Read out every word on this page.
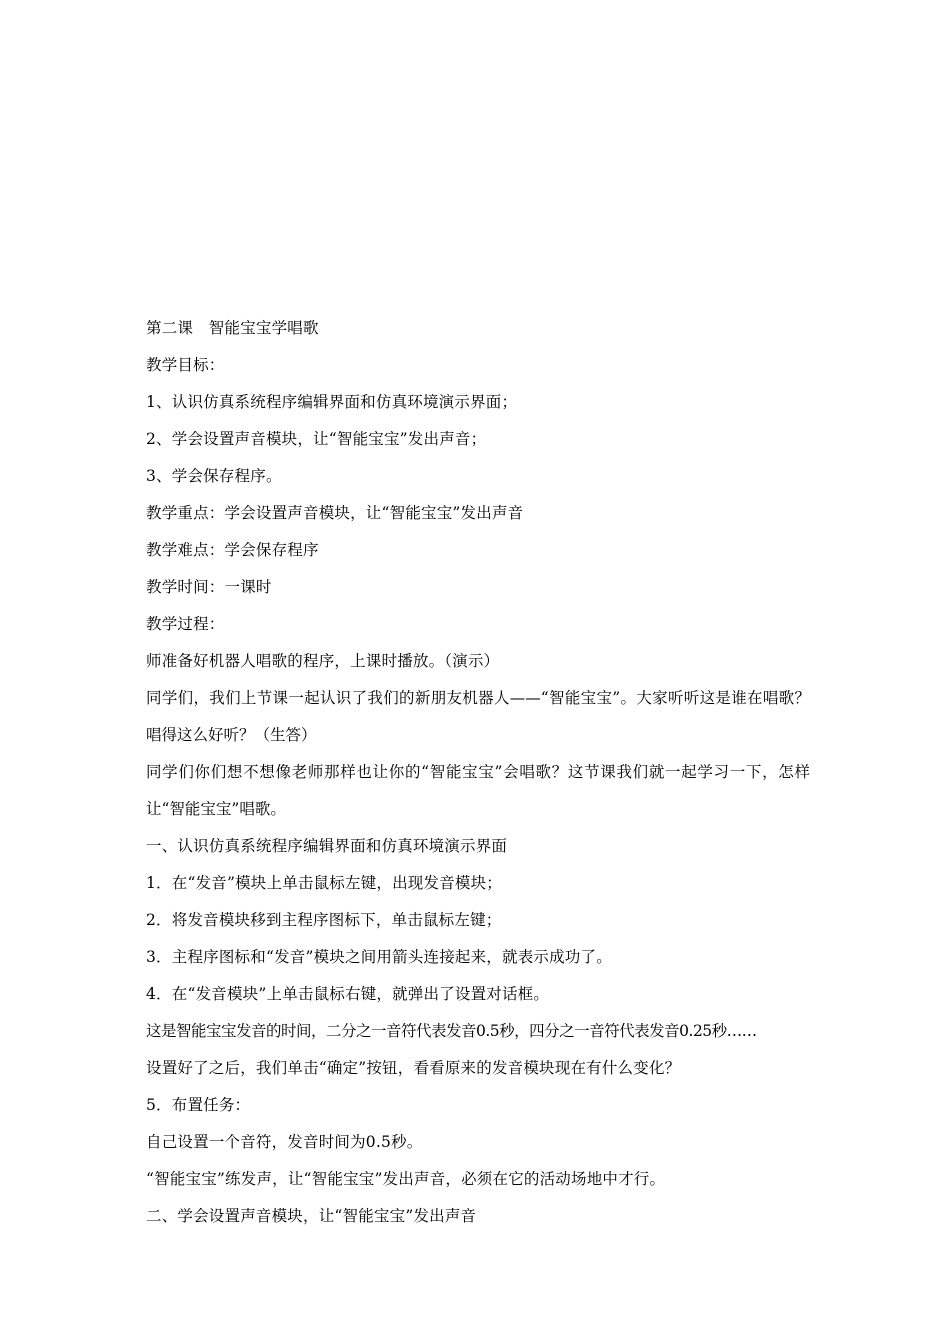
第二课　智能宝宝学唱歌
教学目标：
1、认识仿真系统程序编辑界面和仿真环境演示界面；
2、学会设置声音模块，让“智能宝宝”发出声音；
3、学会保存程序。
教学重点：学会设置声音模块，让“智能宝宝”发出声音
教学难点：学会保存程序
教学时间：一课时
教学过程：
师准备好机器人唱歌的程序，上课时播放。（演示）
同学们，我们上节课一起认识了我们的新朋友机器人——“智能宝宝”。大家听听这是谁在唱歌？唱得这么好听？（生答）
同学们你们想不想像老师那样也让你的“智能宝宝”会唱歌？这节课我们就一起学习一下，怎样让“智能宝宝”唱歌。
一、认识仿真系统程序编辑界面和仿真环境演示界面
1．在“发音”模块上单击鼠标左键，出现发音模块；
2．将发音模块移到主程序图标下，单击鼠标左键；
3．主程序图标和“发音”模块之间用箭头连接起来，就表示成功了。
4．在“发音模块”上单击鼠标右键，就弹出了设置对话框。
这是智能宝宝发音的时间，二分之一音符代表发音0.5秒，四分之一音符代表发音0.25秒……
设置好了之后，我们单击“确定”按钮，看看原来的发音模块现在有什么变化？
5．布置任务：
自己设置一个音符，发音时间为0.5秒。
“智能宝宝”练发声，让“智能宝宝”发出声音，必须在它的活动场地中才行。
二、学会设置声音模块，让“智能宝宝”发出声音
